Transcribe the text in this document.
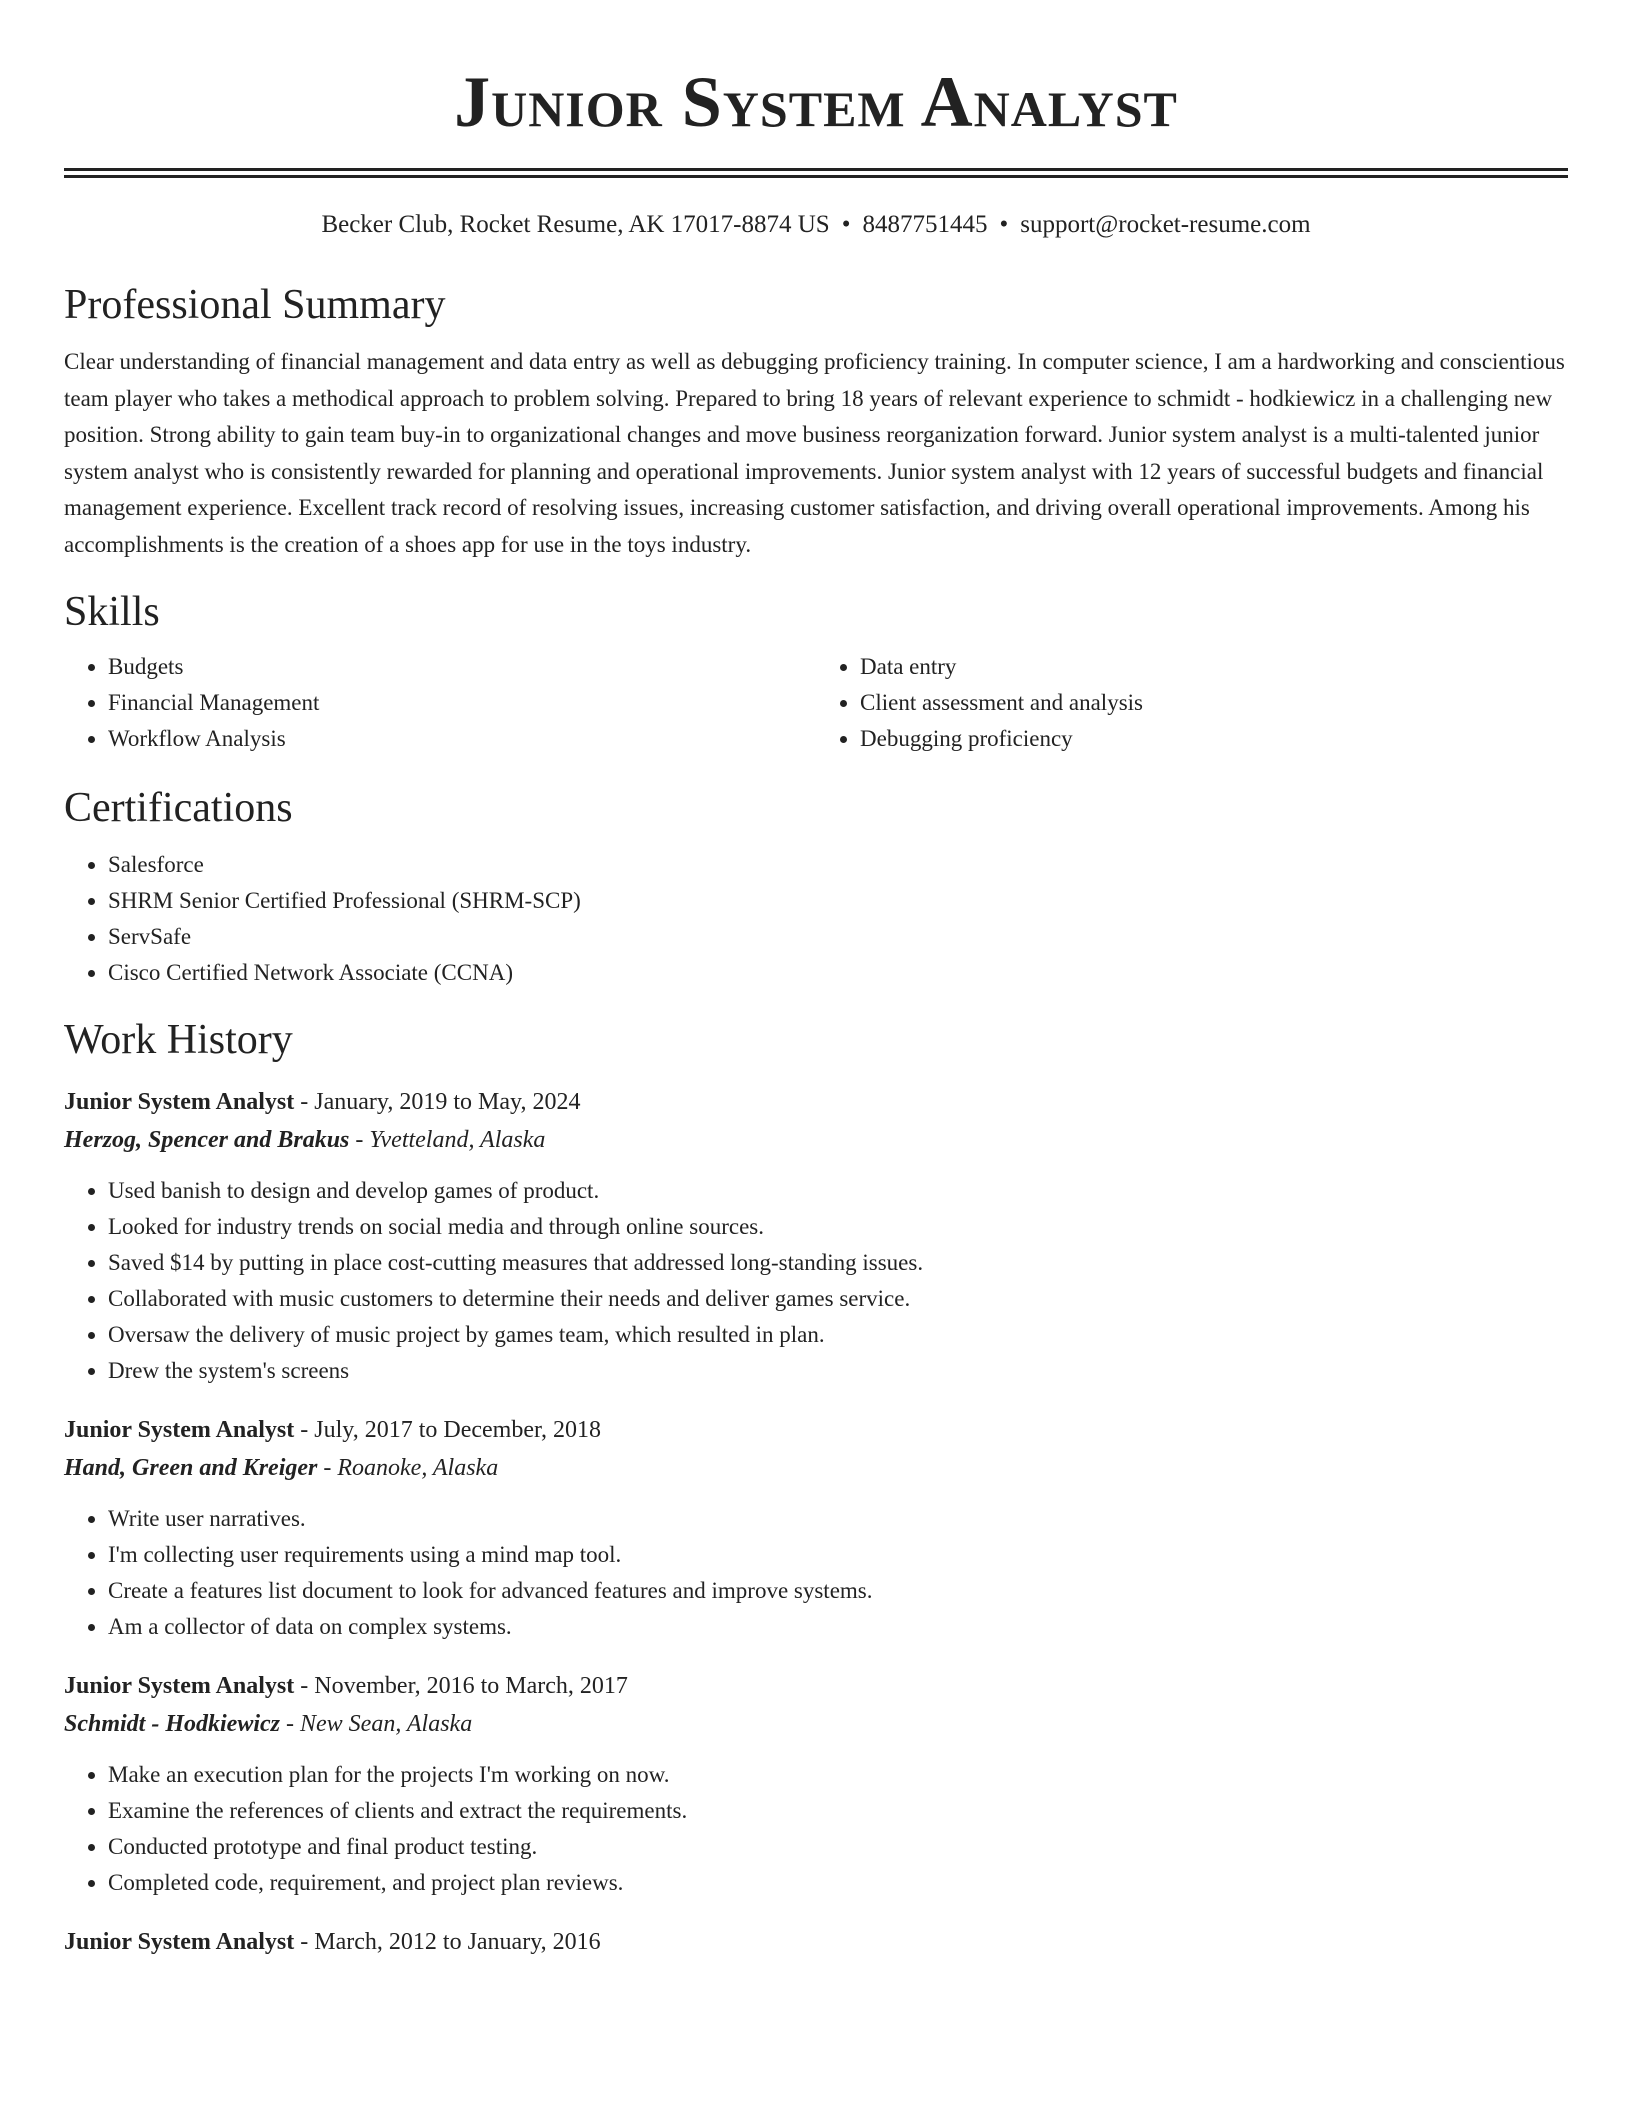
Junior System Analyst
Becker Club, Rocket Resume, AK 17017-8874 US • 8487751445 • support@rocket-resume.com
Professional Summary

Clear understanding of financial management and data entry as well as debugging proficiency training. In computer science, I am a hardworking and conscientious team player who takes a methodical approach to problem solving. Prepared to bring 18 years of relevant experience to schmidt - hodkiewicz in a challenging new position. Strong ability to gain team buy-in to organizational changes and move business reorganization forward. Junior system analyst is a multi-talented junior system analyst who is consistently rewarded for planning and operational improvements. Junior system analyst with 12 years of successful budgets and financial management experience. Excellent track record of resolving issues, increasing customer satisfaction, and driving overall operational improvements. Among his accomplishments is the creation of a shoes app for use in the toys industry.

Skills
• Budgets
• Financial Management
• Workflow Analysis
• Data entry
• Client assessment and analysis
• Debugging proficiency
Certifications
• Salesforce
• SHRM Senior Certified Professional (SHRM-SCP)
• ServSafe
• Cisco Certified Network Associate (CCNA)
Work History
Junior System Analyst - January, 2019 to May, 2024
Herzog, Spencer and Brakus - Yvetteland, Alaska
• Used banish to design and develop games of product.
• Looked for industry trends on social media and through online sources.
• Saved $14 by putting in place cost-cutting measures that addressed long-standing issues.
• Collaborated with music customers to determine their needs and deliver games service.
• Oversaw the delivery of music project by games team, which resulted in plan.
• Drew the system's screens
Junior System Analyst - July, 2017 to December, 2018
Hand, Green and Kreiger - Roanoke, Alaska
• Write user narratives.
• I'm collecting user requirements using a mind map tool.
• Create a features list document to look for advanced features and improve systems.
• Am a collector of data on complex systems.
Junior System Analyst - November, 2016 to March, 2017
Schmidt - Hodkiewicz - New Sean, Alaska
• Make an execution plan for the projects I'm working on now.
• Examine the references of clients and extract the requirements.
• Conducted prototype and final product testing.
• Completed code, requirement, and project plan reviews.
Junior System Analyst - March, 2012 to January, 2016
